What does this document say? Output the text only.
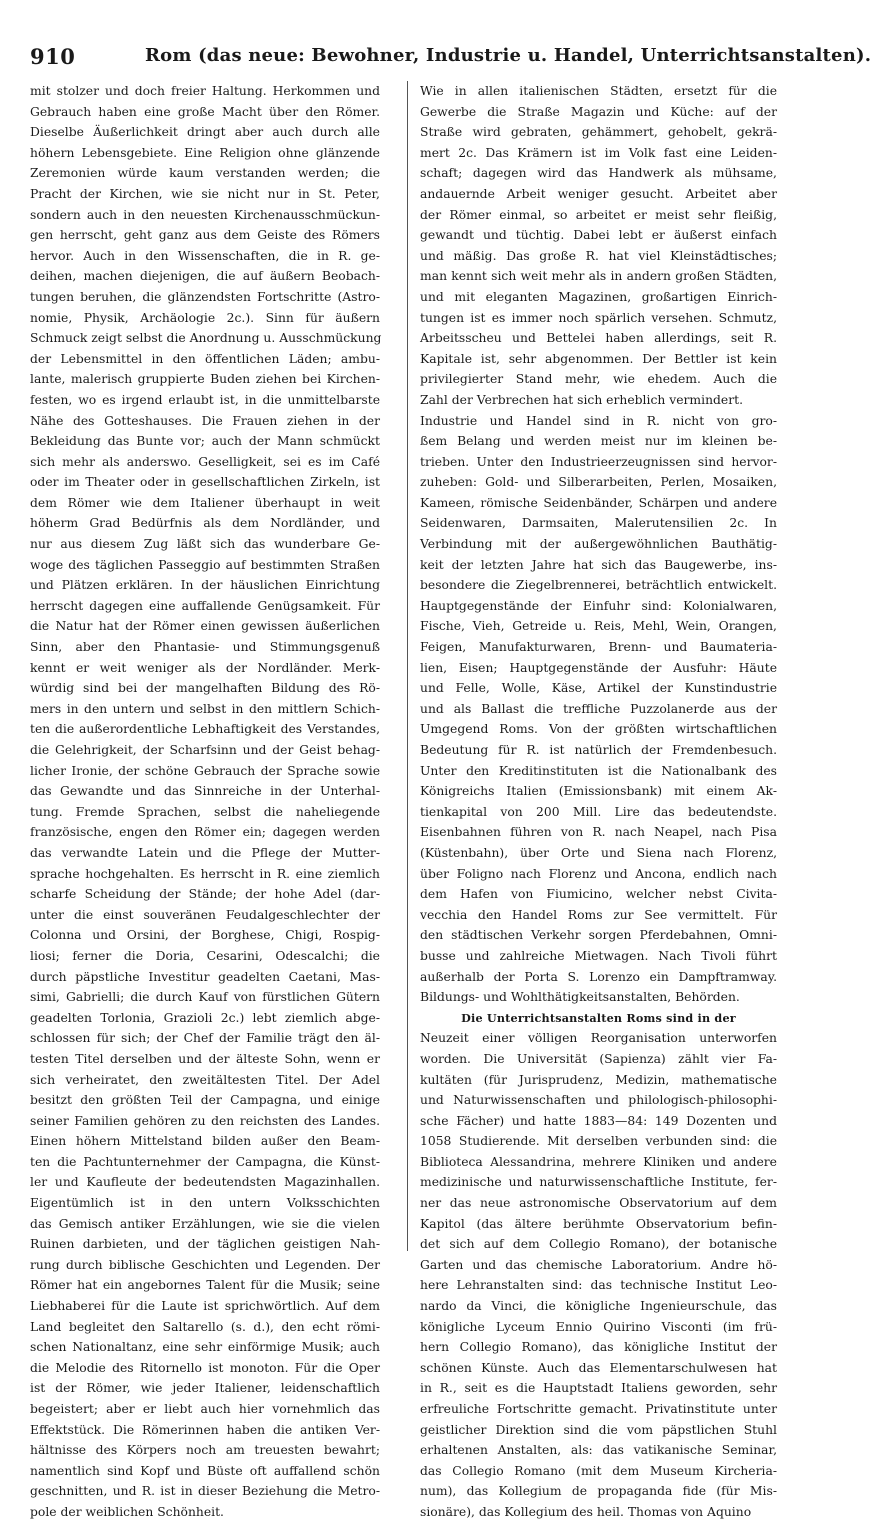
910	Rom (das neue: Bewohner, Industrie u. Handel, Unterrichtsanstalten).
mit stolzer und doch freier Haltung. Herkommen und
Gebrauch haben eine große Macht über den Römer.
Dieselbe Äußerlichkeit dringt aber auch durch alle
höhern Lebensgebiete. Eine Religion ohne glänzende
Zeremonien würde kaum verstanden werden; die
Pracht der Kirchen, wie sie nicht nur in St. Peter,
sondern auch in den neuesten Kirchenausschmückun-
gen herrscht, geht ganz aus dem Geiste des Römers
hervor. Auch in den Wissenschaften, die in R. ge-
deihen, machen diejenigen, die auf äußern Beobach-
tungen beruhen, die glänzendsten Fortschritte (Astro-
nomie, Physik, Archäologie 2c.). Sinn für äußern
Schmuck zeigt selbst die Anordnung u. Ausschmückung
der Lebensmittel in den öffentlichen Läden; ambu-
lante, malerisch gruppierte Buden ziehen bei Kirchen-
festen, wo es irgend erlaubt ist, in die unmittelbarste
Nähe des Gotteshauses. Die Frauen ziehen in der
Bekleidung das Bunte vor; auch der Mann schmückt
sich mehr als anderswo. Geselligkeit, sei es im Café
oder im Theater oder in gesellschaftlichen Zirkeln, ist
dem Römer wie dem Italiener überhaupt in weit
höherm Grad Bedürfnis als dem Nordländer, und
nur aus diesem Zug läßt sich das wunderbare Ge-
woge des täglichen Passeggio auf bestimmten Straßen
und Plätzen erklären. In der häuslichen Einrichtung
herrscht dagegen eine auffallende Genügsamkeit. Für
die Natur hat der Römer einen gewissen äußerlichen
Sinn, aber den Phantasie- und Stimmungsgenuß
kennt er weit weniger als der Nordländer. Merk-
würdig sind bei der mangelhaften Bildung des Rö-
mers in den untern und selbst in den mittlern Schich-
ten die außerordentliche Lebhaftigkeit des Verstandes,
die Gelehrigkeit, der Scharfsinn und der Geist behag-
licher Ironie, der schöne Gebrauch der Sprache sowie
das Gewandte und das Sinnreiche in der Unterhal-
tung. Fremde Sprachen, selbst die naheliegende
französische, engen den Römer ein; dagegen werden
das verwandte Latein und die Pflege der Mutter-
sprache hochgehalten. Es herrscht in R. eine ziemlich
scharfe Scheidung der Stände; der hohe Adel (dar-
unter die einst souveränen Feudalgeschlechter der
Colonna und Orsini, der Borghese, Chigi, Rospig-
liosi; ferner die Doria, Cesarini, Odescalchi; die
durch päpstliche Investitur geadelten Caetani, Mas-
simi, Gabrielli; die durch Kauf von fürstlichen Gütern
geadelten Torlonia, Grazioli 2c.) lebt ziemlich abge-
schlossen für sich; der Chef der Familie trägt den äl-
testen Titel derselben und der älteste Sohn, wenn er
sich verheiratet, den zweitältesten Titel. Der Adel
besitzt den größten Teil der Campagna, und einige
seiner Familien gehören zu den reichsten des Landes.
Einen höhern Mittelstand bilden außer den Beam-
ten die Pachtunternehmer der Campagna, die Künst-
ler und Kaufleute der bedeutendsten Magazinhallen.
Eigentümlich ist in den untern Volksschichten
das Gemisch antiker Erzählungen, wie sie die vielen
Ruinen darbieten, und der täglichen geistigen Nah-
rung durch biblische Geschichten und Legenden. Der
Römer hat ein angebornes Talent für die Musik; seine
Liebhaberei für die Laute ist sprichwörtlich. Auf dem
Land begleitet den Saltarello (s. d.), den echt römi-
schen Nationaltanz, eine sehr einförmige Musik; auch
die Melodie des Ritornello ist monoton. Für die Oper
ist der Römer, wie jeder Italiener, leidenschaftlich
begeistert; aber er liebt auch hier vornehmlich das
Effektstück. Die Römerinnen haben die antiken Ver-
hältnisse des Körpers noch am treuesten bewahrt;
namentlich sind Kopf und Büste oft auffallend schön
geschnitten, und R. ist in dieser Beziehung die Metro-
pole der weiblichen Schönheit.
Wie in allen italienischen Städten, ersetzt für die
Gewerbe die Straße Magazin und Küche: auf der
Straße wird gebraten, gehämmert, gehobelt, gekrä-
mert 2c. Das Krämern ist im Volk fast eine Leiden-
schaft; dagegen wird das Handwerk als mühsame,
andauernde Arbeit weniger gesucht. Arbeitet aber
der Römer einmal, so arbeitet er meist sehr fleißig,
gewandt und tüchtig. Dabei lebt er äußerst einfach
und mäßig. Das große R. hat viel Kleinstädtisches;
man kennt sich weit mehr als in andern großen Städten,
und mit eleganten Magazinen, großartigen Einrich-
tungen ist es immer noch spärlich versehen. Schmutz,
Arbeitsscheu und Bettelei haben allerdings, seit R.
Kapitale ist, sehr abgenommen. Der Bettler ist kein
privilegierter Stand mehr, wie ehedem. Auch die
Zahl der Verbrechen hat sich erheblich vermindert.
Industrie und Handel sind in R. nicht von gro-
ßem Belang und werden meist nur im kleinen be-
trieben. Unter den Industrieerzeugnissen sind hervor-
zuheben: Gold- und Silberarbeiten, Perlen, Mosaiken,
Kameen, römische Seidenbänder, Schärpen und andere
Seidenwaren, Darmsaiten, Malerutensilien 2c. In
Verbindung mit der außergewöhnlichen Bauthätig-
keit der letzten Jahre hat sich das Baugewerbe, ins-
besondere die Ziegelbrennerei, beträchtlich entwickelt.
Hauptgegenstände der Einfuhr sind: Kolonialwaren,
Fische, Vieh, Getreide u. Reis, Mehl, Wein, Orangen,
Feigen, Manufakturwaren, Brenn- und Baumateria-
lien, Eisen; Hauptgegenstände der Ausfuhr: Häute
und Felle, Wolle, Käse, Artikel der Kunstindustrie
und als Ballast die treffliche Puzzolanerde aus der
Umgegend Roms. Von der größten wirtschaftlichen
Bedeutung für R. ist natürlich der Fremdenbesuch.
Unter den Kreditinstituten ist die Nationalbank des
Königreichs Italien (Emissionsbank) mit einem Ak-
tienkapital von 200 Mill. Lire das bedeutendste.
Eisenbahnen führen von R. nach Neapel, nach Pisa
(Küstenbahn), über Orte und Siena nach Florenz,
über Foligno nach Florenz und Ancona, endlich nach
dem Hafen von Fiumicino, welcher nebst Civita-
vecchia den Handel Roms zur See vermittelt. Für
den städtischen Verkehr sorgen Pferdebahnen, Omni-
busse und zahlreiche Mietwagen. Nach Tivoli führt
außerhalb der Porta S. Lorenzo ein Dampftramway.
Bildungs- und Wohlthätigkeitsanstalten, Behörden.
Die Unterrichtsanstalten Roms sind in der
Neuzeit einer völligen Reorganisation unterworfen
worden. Die Universität (Sapienza) zählt vier Fa-
kultäten (für Jurisprudenz, Medizin, mathematische
und Naturwissenschaften und philologisch-philosophi-
sche Fächer) und hatte 1883—84: 149 Dozenten und
1058 Studierende. Mit derselben verbunden sind: die
Biblioteca Alessandrina, mehrere Kliniken und andere
medizinische und naturwissenschaftliche Institute, fer-
ner das neue astronomische Observatorium auf dem
Kapitol (das ältere berühmte Observatorium befin-
det sich auf dem Collegio Romano), der botanische
Garten und das chemische Laboratorium. Andre hö-
here Lehranstalten sind: das technische Institut Leo-
nardo da Vinci, die königliche Ingenieurschule, das
königliche Lyceum Ennio Quirino Visconti (im frü-
hern Collegio Romano), das königliche Institut der
schönen Künste. Auch das Elementarschulwesen hat
in R., seit es die Hauptstadt Italiens geworden, sehr
erfreuliche Fortschritte gemacht. Privatinstitute unter
geistlicher Direktion sind die vom päpstlichen Stuhl
erhaltenen Anstalten, als: das vatikanische Seminar,
das Collegio Romano (mit dem Museum Kircheria-
num), das Kollegium de propaganda fide (für Mis-
sionäre), das Kollegium des heil. Thomas von Aquino
